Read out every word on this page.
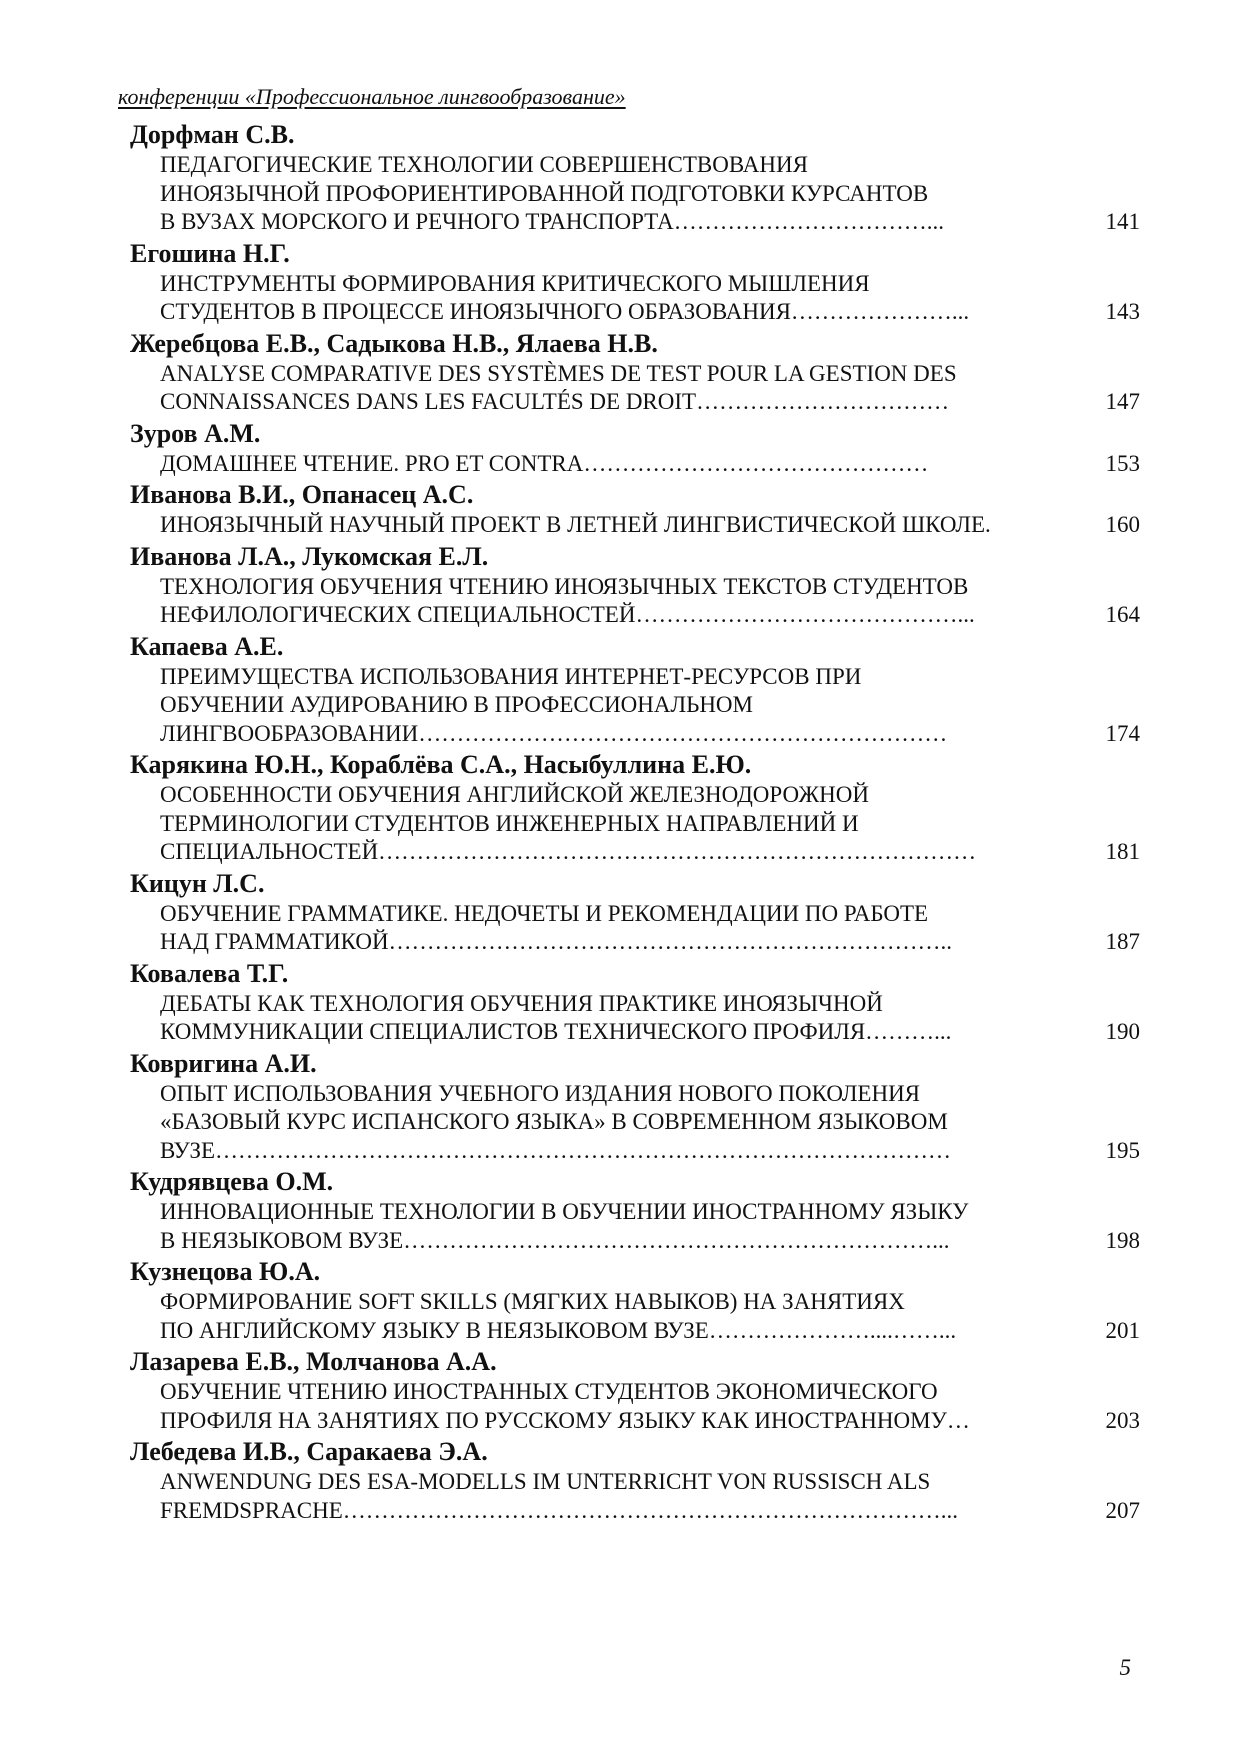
конференции «Профессиональное лингвообразование»
Дорфман С.В.
ПЕДАГОГИЧЕСКИЕ ТЕХНОЛОГИИ СОВЕРШЕНСТВОВАНИЯ
ИНОЯЗЫЧНОЙ ПРОФОРИЕНТИРОВАННОЙ ПОДГОТОВКИ КУРСАНТОВ
В ВУЗАХ МОРСКОГО И РЕЧНОГО ТРАНСПОРТА……………………………...	141
Егошина Н.Г.
ИНСТРУМЕНТЫ ФОРМИРОВАНИЯ КРИТИЧЕСКОГО МЫШЛЕНИЯ
СТУДЕНТОВ В ПРОЦЕССЕ ИНОЯЗЫЧНОГО ОБРАЗОВАНИЯ…………………...	143
Жеребцова Е.В., Садыкова Н.В., Ялаева Н.В.
ANALYSE COMPARATIVE DES SYSTÈMES DE TEST POUR LA GESTION DES
CONNAISSANCES DANS LES FACULTÉS DE DROIT……………………………	147
Зуров А.М.
ДОМАШНЕЕ ЧТЕНИЕ. PRO ET CONTRA………………………………………	153
Иванова В.И., Опанасец А.С.
ИНОЯЗЫЧНЫЙ НАУЧНЫЙ ПРОЕКТ В ЛЕТНЕЙ ЛИНГВИСТИЧЕСКОЙ ШКОЛЕ.	160
Иванова Л.А., Лукомская Е.Л.
ТЕХНОЛОГИЯ ОБУЧЕНИЯ ЧТЕНИЮ ИНОЯЗЫЧНЫХ ТЕКСТОВ СТУДЕНТОВ
НЕФИЛОЛОГИЧЕСКИХ СПЕЦИАЛЬНОСТЕЙ……………………………………...	164
Капаева А.Е.
ПРЕИМУЩЕСТВА ИСПОЛЬЗОВАНИЯ ИНТЕРНЕТ-РЕСУРСОВ ПРИ
ОБУЧЕНИИ АУДИРОВАНИЮ В ПРОФЕССИОНАЛЬНОМ
ЛИНГВООБРАЗОВАНИИ……………………………………………………………	174
Карякина Ю.Н., Кораблёва С.А., Насыбуллина Е.Ю.
ОСОБЕННОСТИ ОБУЧЕНИЯ АНГЛИЙСКОЙ ЖЕЛЕЗНОДОРОЖНОЙ
ТЕРМИНОЛОГИИ СТУДЕНТОВ ИНЖЕНЕРНЫХ НАПРАВЛЕНИЙ И
СПЕЦИАЛЬНОСТЕЙ……………………………………………………………………	181
Кицун Л.С.
ОБУЧЕНИЕ ГРАММАТИКЕ. НЕДОЧЕТЫ И РЕКОМЕНДАЦИИ ПО РАБОТЕ
НАД ГРАММАТИКОЙ………………………………………………………………..	187
Ковалева Т.Г.
ДЕБАТЫ КАК ТЕХНОЛОГИЯ ОБУЧЕНИЯ ПРАКТИКЕ ИНОЯЗЫЧНОЙ
КОММУНИКАЦИИ СПЕЦИАЛИСТОВ ТЕХНИЧЕСКОГО ПРОФИЛЯ………...	190
Ковригина А.И.
ОПЫТ ИСПОЛЬЗОВАНИЯ УЧЕБНОГО ИЗДАНИЯ НОВОГО ПОКОЛЕНИЯ
«БАЗОВЫЙ КУРС ИСПАНСКОГО ЯЗЫКА» В СОВРЕМЕННОМ ЯЗЫКОВОМ
ВУЗЕ……………………………………………………………………………………	195
Кудрявцева О.М.
ИННОВАЦИОННЫЕ ТЕХНОЛОГИИ В ОБУЧЕНИИ ИНОСТРАННОМУ ЯЗЫКУ
В НЕЯЗЫКОВОМ ВУЗЕ……………………………………………………………...	198
Кузнецова Ю.А.
ФОРМИРОВАНИЕ SOFT SKILLS (МЯГКИХ НАВЫКОВ) НА ЗАНЯТИЯХ
ПО АНГЛИЙСКОМУ ЯЗЫКУ В НЕЯЗЫКОВОМ ВУЗЕ…………………....……...	201
Лазарева Е.В., Молчанова А.А.
ОБУЧЕНИЕ ЧТЕНИЮ ИНОСТРАННЫХ СТУДЕНТОВ ЭКОНОМИЧЕСКОГО
ПРОФИЛЯ НА ЗАНЯТИЯХ ПО РУССКОМУ ЯЗЫКУ КАК ИНОСТРАННОМУ…	203
Лебедева И.В., Саракаева Э.А.
ANWENDUNG DES ESA-MODELLS IM UNTERRICHT VON RUSSISCH ALS
FREMDSPRACHE……………………………………………………………………...	207
5
